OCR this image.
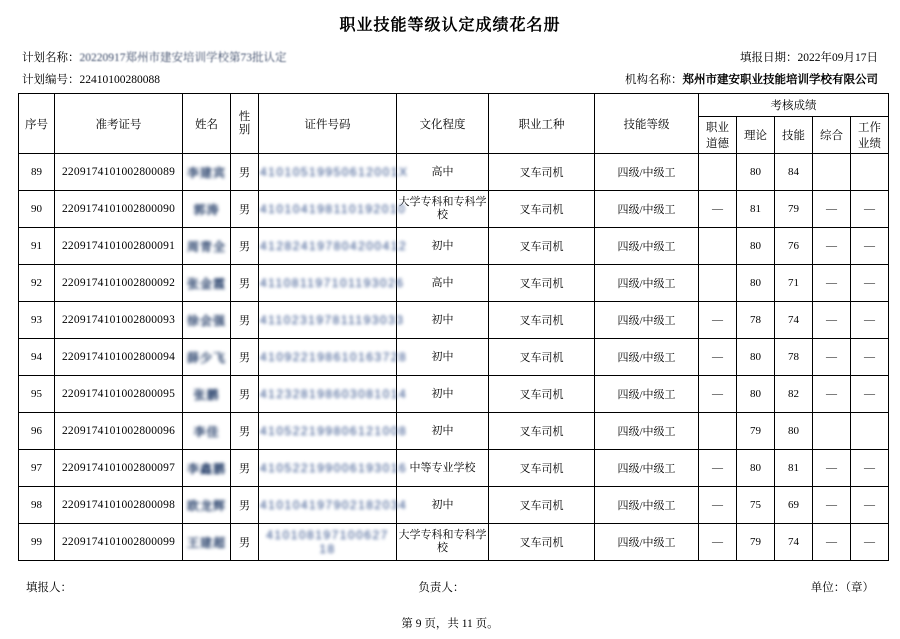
职业技能等级认定成绩花名册
计划名称：20220917郑州市建安培训学校第73批认定	填报日期：2022年09月17日
计划编号：22410100280088	机构名称：郑州市建安职业技能培训学校有限公司
序号	准考证号	姓名	性
别	证件号码	文化程度	职业工种	技能等级	考核成绩				
								职业
道德	理论	技能	综合	工作
业绩
89	2209174101002800089	李建宾	男	41010519950612001X	高中	叉车司机	四级/中级工		80	84		
90	2209174101002800090	郭涛	男	410104198110192010	大学专科和专科学校	叉车司机	四级/中级工	—	81	79	—	—
91	2209174101002800091	周青全	男	412824197804200412	初中	叉车司机	四级/中级工		80	76	—	—
92	2209174101002800092	张金霞	男	411081197101193026	高中	叉车司机	四级/中级工		80	71	—	—
93	2209174101002800093	徐会强	男	411023197811193033	初中	叉车司机	四级/中级工	—	78	74	—	—
94	2209174101002800094	薛少飞	男	410922198610163728	初中	叉车司机	四级/中级工	—	80	78	—	—
95	2209174101002800095	张鹏	男	412328198603081014	初中	叉车司机	四级/中级工	—	80	82	—	—
96	2209174101002800096	李佳	男	410522199806121008	初中	叉车司机	四级/中级工		79	80		
97	2209174101002800097	李鑫鹏	男	410522199006193016	中等专业学校	叉车司机	四级/中级工	—	80	81	—	—
98	2209174101002800098	欧龙辉	男	410104197902182034	初中	叉车司机	四级/中级工	—	75	69	—	—
99	2209174101002800099	王建超	男	410108197100627 18	大学专科和专科学校	叉车司机	四级/中级工	—	79	74	—	—
填报人：	负责人：	单位：（章）
第 9 页，共 11 页。
